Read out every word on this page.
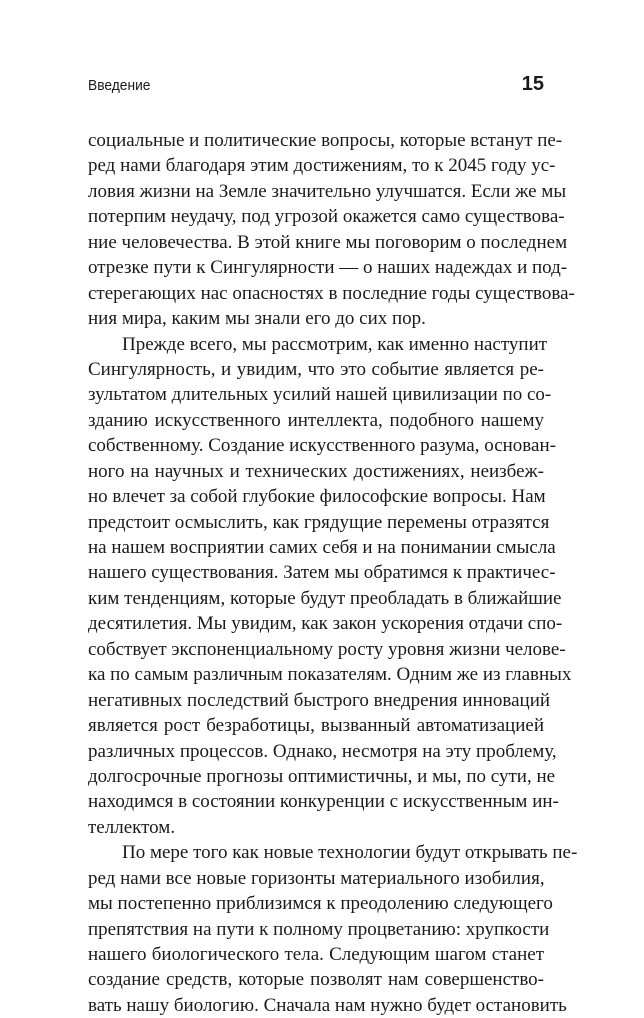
Введение	15
социальные и политические вопросы, которые встанут пе-
ред нами благодаря этим достижениям, то к 2045 году ус-
ловия жизни на Земле значительно улучшатся. Если же мы
потерпим неудачу, под угрозой окажется само существова-
ние человечества. В этой книге мы поговорим о последнем
отрезке пути к Сингулярности — о наших надеждах и под-
стерегающих нас опасностях в последние годы существова-
ния мира, каким мы знали его до сих пор.
Прежде всего, мы рассмотрим, как именно наступит
Сингулярность, и увидим, что это событие является ре-
зультатом длительных усилий нашей цивилизации по со-
зданию искусственного интеллекта, подобного нашему
собственному. Создание искусственного разума, основан-
ного на научных и технических достижениях, неизбеж-
но влечет за собой глубокие философские вопросы. Нам
предстоит осмыслить, как грядущие перемены отразятся
на нашем восприятии самих себя и на понимании смысла
нашего существования. Затем мы обратимся к практичес-
ким тенденциям, которые будут преобладать в ближайшие
десятилетия. Мы увидим, как закон ускорения отдачи спо-
собствует экспоненциальному росту уровня жизни челове-
ка по самым различным показателям. Одним же из главных
негативных последствий быстрого внедрения инноваций
является рост безработицы, вызванный автоматизацией
различных процессов. Однако, несмотря на эту проблему,
долгосрочные прогнозы оптимистичны, и мы, по сути, не
находимся в состоянии конкуренции с искусственным ин-
теллектом.
По мере того как новые технологии будут открывать пе-
ред нами все новые горизонты материального изобилия,
мы постепенно приблизимся к преодолению следующего
препятствия на пути к полному процветанию: хрупкости
нашего биологического тела. Следующим шагом станет
создание средств, которые позволят нам совершенство-
вать нашу биологию. Сначала нам нужно будет остановить
